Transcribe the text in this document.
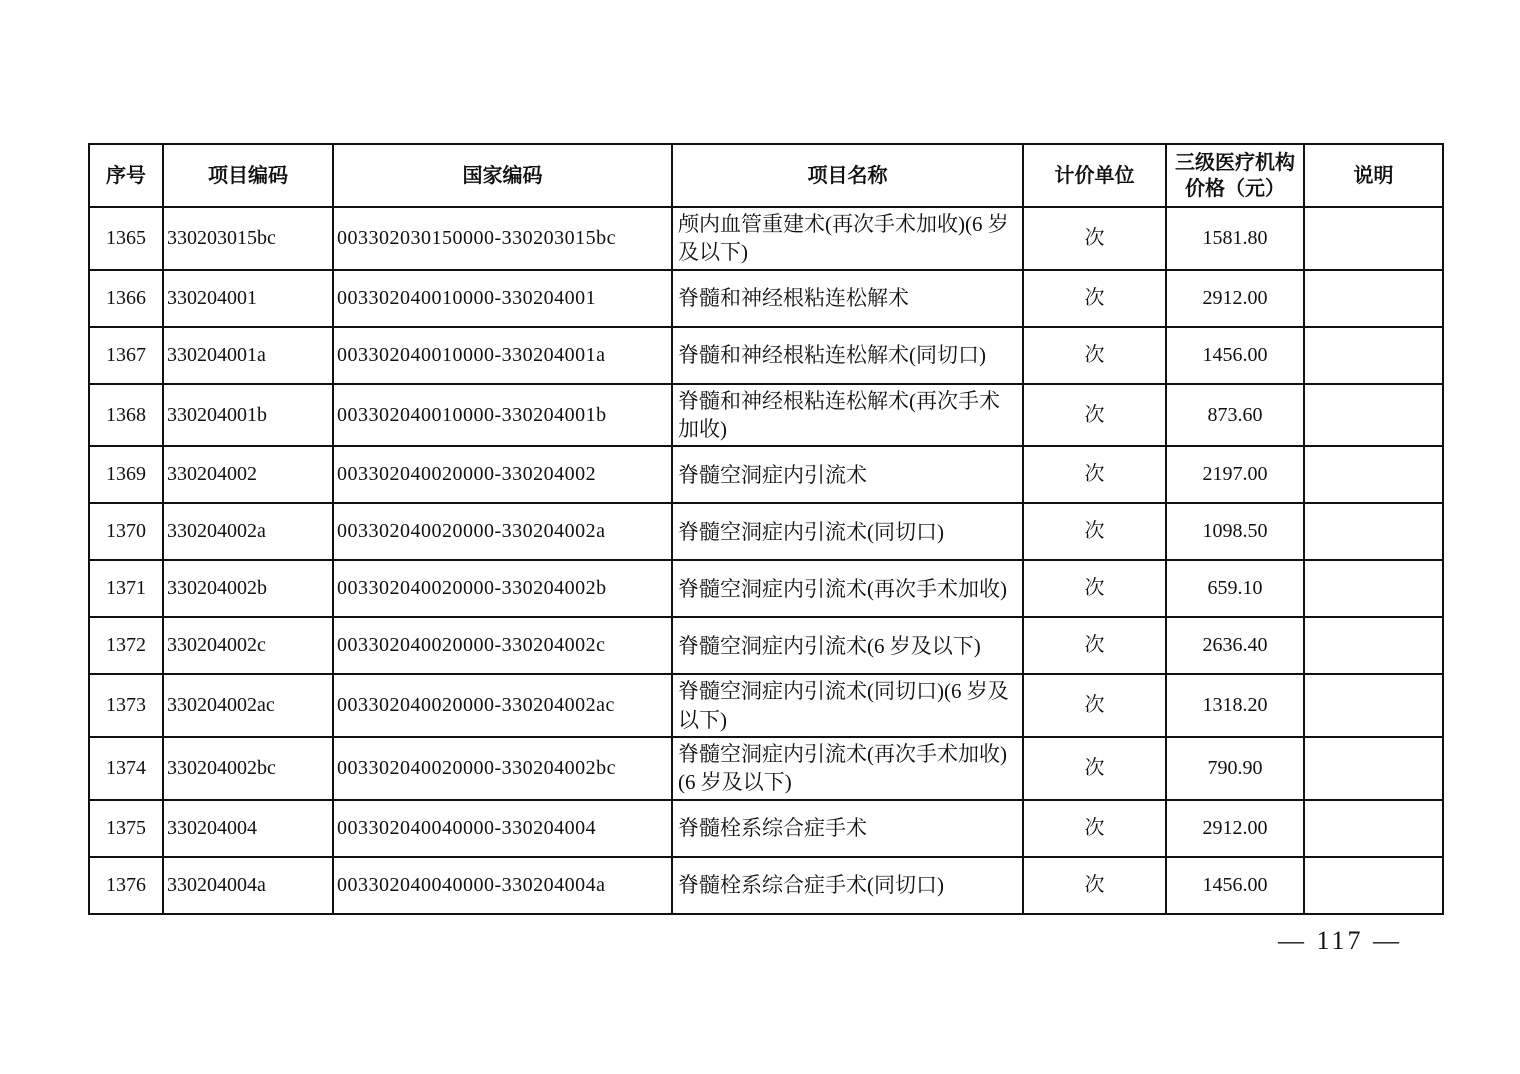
序号	项目编码	国家编码	项目名称	计价单位	三级医疗机构价格（元）	说明
1365	330203015bc	003302030150000-330203015bc	颅内血管重建术(再次手术加收)(6 岁及以下)	次	1581.80	
1366	330204001	003302040010000-330204001	脊髓和神经根粘连松解术	次	2912.00	
1367	330204001a	003302040010000-330204001a	脊髓和神经根粘连松解术(同切口)	次	1456.00	
1368	330204001b	003302040010000-330204001b	脊髓和神经根粘连松解术(再次手术加收)	次	873.60	
1369	330204002	003302040020000-330204002	脊髓空洞症内引流术	次	2197.00	
1370	330204002a	003302040020000-330204002a	脊髓空洞症内引流术(同切口)	次	1098.50	
1371	330204002b	003302040020000-330204002b	脊髓空洞症内引流术(再次手术加收)	次	659.10	
1372	330204002c	003302040020000-330204002c	脊髓空洞症内引流术(6 岁及以下)	次	2636.40	
1373	330204002ac	003302040020000-330204002ac	脊髓空洞症内引流术(同切口)(6 岁及以下)	次	1318.20	
1374	330204002bc	003302040020000-330204002bc	脊髓空洞症内引流术(再次手术加收)(6 岁及以下)	次	790.90	
1375	330204004	003302040040000-330204004	脊髓栓系综合症手术	次	2912.00	
1376	330204004a	003302040040000-330204004a	脊髓栓系综合症手术(同切口)	次	1456.00	
— 117 —
